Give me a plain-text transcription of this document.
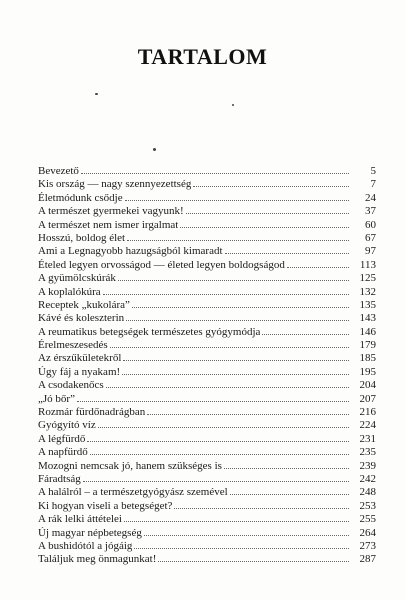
TARTALOM
Bevezető	5
Kis ország — nagy szennyezettség	7
Életmódunk csődje	24
A természet gyermekei vagyunk!	37
A természet nem ismer irgalmat	60
Hosszú, boldog élet	67
Ami a Legnagyobb hazugságból kimaradt	97
Ételed legyen orvosságod — életed legyen boldogságod	113
A gyümölcskúrák	125
A koplalókúra	132
Receptek „kukolára”	135
Kávé és koleszterin	143
A reumatikus betegségek természetes gyógymódja	146
Érelmeszesedés	179
Az érszűkületekről	185
Úgy fáj a nyakam!	195
A csodakenőcs	204
„Jó bőr”	207
Rozmár fürdőnadrágban	216
Gyógyító víz	224
A légfürdő	231
A napfürdő	235
Mozogni nemcsak jó, hanem szükséges is	239
Fáradtság	242
A halálról – a természetgyógyász szemével	248
Ki hogyan viseli a betegséget?	253
A rák lelki áttételei	255
Új magyar népbetegség	264
A bushidótól a jógáig	273
Találjuk meg önmagunkat!	287
